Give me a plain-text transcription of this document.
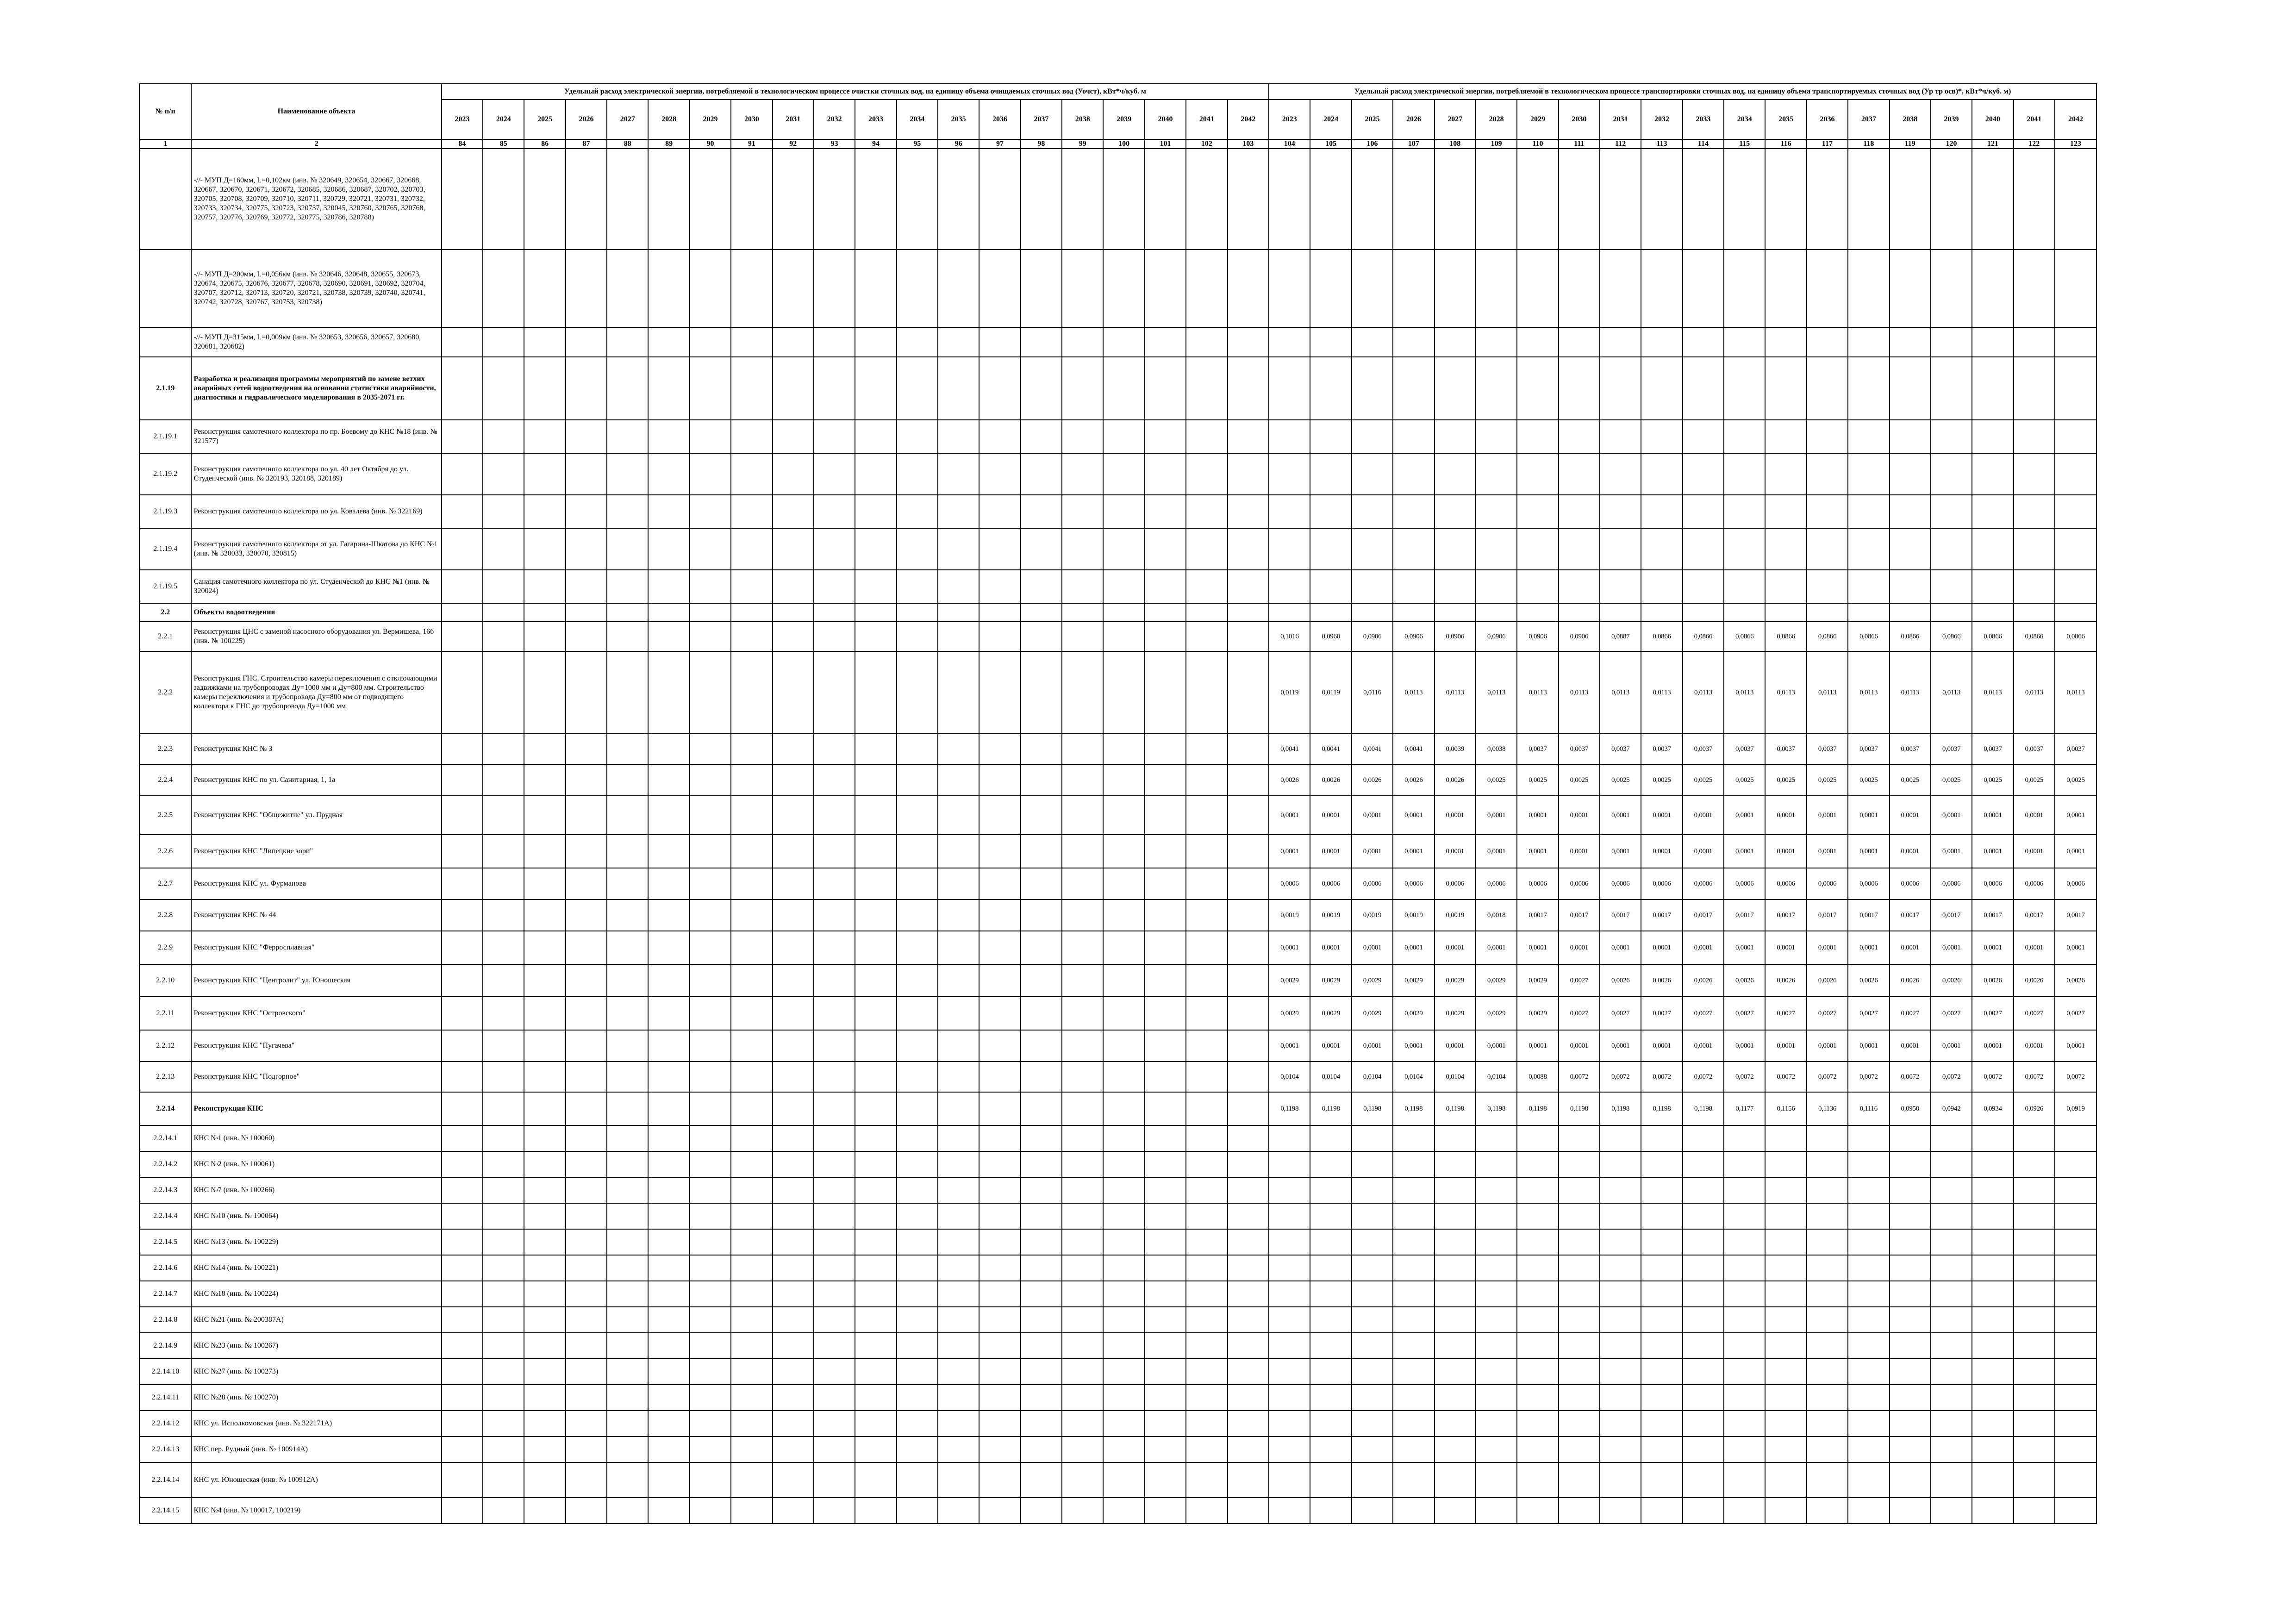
№ п/п	Наименование объекта	Удельный расход электрической энергии, потребляемой в технологическом процессе очистки сточных вод, на единицу объема очищаемых сточных вод (Уочст), кВт*ч/куб. м																				Удельный расход электрической энергии, потребляемой в технологическом процессе транспортировки сточных вод, на единицу объема транспортируемых сточных вод (Ур тр осв)*, кВт*ч/куб. м)																			
		2023	2024	2025	2026	2027	2028	2029	2030	2031	2032	2033	2034	2035	2036	2037	2038	2039	2040	2041	2042	2023	2024	2025	2026	2027	2028	2029	2030	2031	2032	2033	2034	2035	2036	2037	2038	2039	2040	2041	2042
1	2	84	85	86	87	88	89	90	91	92	93	94	95	96	97	98	99	100	101	102	103	104	105	106	107	108	109	110	111	112	113	114	115	116	117	118	119	120	121	122	123
	-//- МУП Д=160мм, L=0,102км (инв. № 320649, 320654, 320667, 320668, 320667, 320670, 320671, 320672, 320685, 320686, 320687, 320702, 320703, 320705, 320708, 320709, 320710, 320711, 320729, 320721, 320731, 320732, 320733, 320734, 320775, 320723, 320737, 320045, 320760, 320765, 320768, 320757, 320776, 320769, 320772, 320775, 320786, 320788)																																								
	-//- МУП Д=200мм, L=0,056км (инв. № 320646, 320648, 320655, 320673, 320674, 320675, 320676, 320677, 320678, 320690, 320691, 320692, 320704, 320707, 320712, 320713, 320720, 320721, 320738, 320739, 320740, 320741, 320742, 320728, 320767, 320753, 320738)																																								
	-//- МУП Д=315мм, L=0,009км (инв. № 320653, 320656, 320657, 320680, 320681, 320682)																																								
2.1.19	Разработка и реализация программы мероприятий по замене ветхих аварийных сетей водоотведения на основании статистики аварийности, диагностики и гидравлического моделирования в 2035-2071 гг.																																								
2.1.19.1	Реконструкция самотечного коллектора по пр. Боевому до КНС №18 (инв. № 321577)																																								
2.1.19.2	Реконструкция самотечного коллектора по ул. 40 лет Октября до ул. Студенческой (инв. № 320193, 320188, 320189)																																								
2.1.19.3	Реконструкция самотечного коллектора по ул. Ковалева (инв. № 322169)																																								
2.1.19.4	Реконструкция самотечного коллектора от ул. Гагарина-Шкатова до КНС №1 (инв. № 320033, 320070, 320815)																																								
2.1.19.5	Санация самотечного коллектора по ул. Студенческой до КНС №1 (инв. № 320024)																																								
2.2	Объекты водоотведения																																								
2.2.1	Реконструкция ЦНС с заменой насосного оборудования ул. Вермишева, 16б (инв. № 100225)																					0,1016	0,0960	0,0906	0,0906	0,0906	0,0906	0,0906	0,0906	0,0887	0,0866	0,0866	0,0866	0,0866	0,0866	0,0866	0,0866	0,0866	0,0866	0,0866	0,0866
2.2.2	Реконструкция ГНС. Строительство камеры переключения с отключающими задвижками на трубопроводах Ду=1000 мм и Ду=800 мм. Строительство камеры переключения и трубопровода Ду=800 мм от подводящего коллектора к ГНС до трубопровода Ду=1000 мм																					0,0119	0,0119	0,0116	0,0113	0,0113	0,0113	0,0113	0,0113	0,0113	0,0113	0,0113	0,0113	0,0113	0,0113	0,0113	0,0113	0,0113	0,0113	0,0113	0,0113
2.2.3	Реконструкция КНС № 3																					0,0041	0,0041	0,0041	0,0041	0,0039	0,0038	0,0037	0,0037	0,0037	0,0037	0,0037	0,0037	0,0037	0,0037	0,0037	0,0037	0,0037	0,0037	0,0037	0,0037
2.2.4	Реконструкция КНС по ул. Санитарная, 1, 1а																					0,0026	0,0026	0,0026	0,0026	0,0026	0,0025	0,0025	0,0025	0,0025	0,0025	0,0025	0,0025	0,0025	0,0025	0,0025	0,0025	0,0025	0,0025	0,0025	0,0025
2.2.5	Реконструкция КНС "Общежитие" ул. Прудная																					0,0001	0,0001	0,0001	0,0001	0,0001	0,0001	0,0001	0,0001	0,0001	0,0001	0,0001	0,0001	0,0001	0,0001	0,0001	0,0001	0,0001	0,0001	0,0001	0,0001
2.2.6	Реконструкция КНС "Липецкие зори"																					0,0001	0,0001	0,0001	0,0001	0,0001	0,0001	0,0001	0,0001	0,0001	0,0001	0,0001	0,0001	0,0001	0,0001	0,0001	0,0001	0,0001	0,0001	0,0001	0,0001
2.2.7	Реконструкция КНС ул. Фурманова																					0,0006	0,0006	0,0006	0,0006	0,0006	0,0006	0,0006	0,0006	0,0006	0,0006	0,0006	0,0006	0,0006	0,0006	0,0006	0,0006	0,0006	0,0006	0,0006	0,0006
2.2.8	Реконструкция КНС № 44																					0,0019	0,0019	0,0019	0,0019	0,0019	0,0018	0,0017	0,0017	0,0017	0,0017	0,0017	0,0017	0,0017	0,0017	0,0017	0,0017	0,0017	0,0017	0,0017	0,0017
2.2.9	Реконструкция КНС "Ферросплавная"																					0,0001	0,0001	0,0001	0,0001	0,0001	0,0001	0,0001	0,0001	0,0001	0,0001	0,0001	0,0001	0,0001	0,0001	0,0001	0,0001	0,0001	0,0001	0,0001	0,0001
2.2.10	Реконструкция КНС "Центролит" ул. Юношеская																					0,0029	0,0029	0,0029	0,0029	0,0029	0,0029	0,0029	0,0027	0,0026	0,0026	0,0026	0,0026	0,0026	0,0026	0,0026	0,0026	0,0026	0,0026	0,0026	0,0026
2.2.11	Реконструкция КНС "Островского"																					0,0029	0,0029	0,0029	0,0029	0,0029	0,0029	0,0029	0,0027	0,0027	0,0027	0,0027	0,0027	0,0027	0,0027	0,0027	0,0027	0,0027	0,0027	0,0027	0,0027
2.2.12	Реконструкция КНС "Пугачева"																					0,0001	0,0001	0,0001	0,0001	0,0001	0,0001	0,0001	0,0001	0,0001	0,0001	0,0001	0,0001	0,0001	0,0001	0,0001	0,0001	0,0001	0,0001	0,0001	0,0001
2.2.13	Реконструкция КНС "Подгорное"																					0,0104	0,0104	0,0104	0,0104	0,0104	0,0104	0,0088	0,0072	0,0072	0,0072	0,0072	0,0072	0,0072	0,0072	0,0072	0,0072	0,0072	0,0072	0,0072	0,0072
2.2.14	Реконструкция КНС																					0,1198	0,1198	0,1198	0,1198	0,1198	0,1198	0,1198	0,1198	0,1198	0,1198	0,1198	0,1177	0,1156	0,1136	0,1116	0,0950	0,0942	0,0934	0,0926	0,0919
2.2.14.1	КНС №1 (инв. № 100060)																																								
2.2.14.2	КНС №2 (инв. № 100061)																																								
2.2.14.3	КНС №7 (инв. № 100266)																																								
2.2.14.4	КНС №10 (инв. № 100064)																																								
2.2.14.5	КНС №13 (инв. № 100229)																																								
2.2.14.6	КНС №14 (инв. № 100221)																																								
2.2.14.7	КНС №18 (инв. № 100224)																																								
2.2.14.8	КНС №21 (инв. № 200387А)																																								
2.2.14.9	КНС №23 (инв. № 100267)																																								
2.2.14.10	КНС №27 (инв. № 100273)																																								
2.2.14.11	КНС №28 (инв. № 100270)																																								
2.2.14.12	КНС ул. Исполкомовская (инв. № 322171А)																																								
2.2.14.13	КНС пер. Рудный (инв. № 100914А)																																								
2.2.14.14	КНС ул. Юношеская (инв. № 100912А)																																								
2.2.14.15	КНС №4 (инв. № 100017, 100219)																																								
